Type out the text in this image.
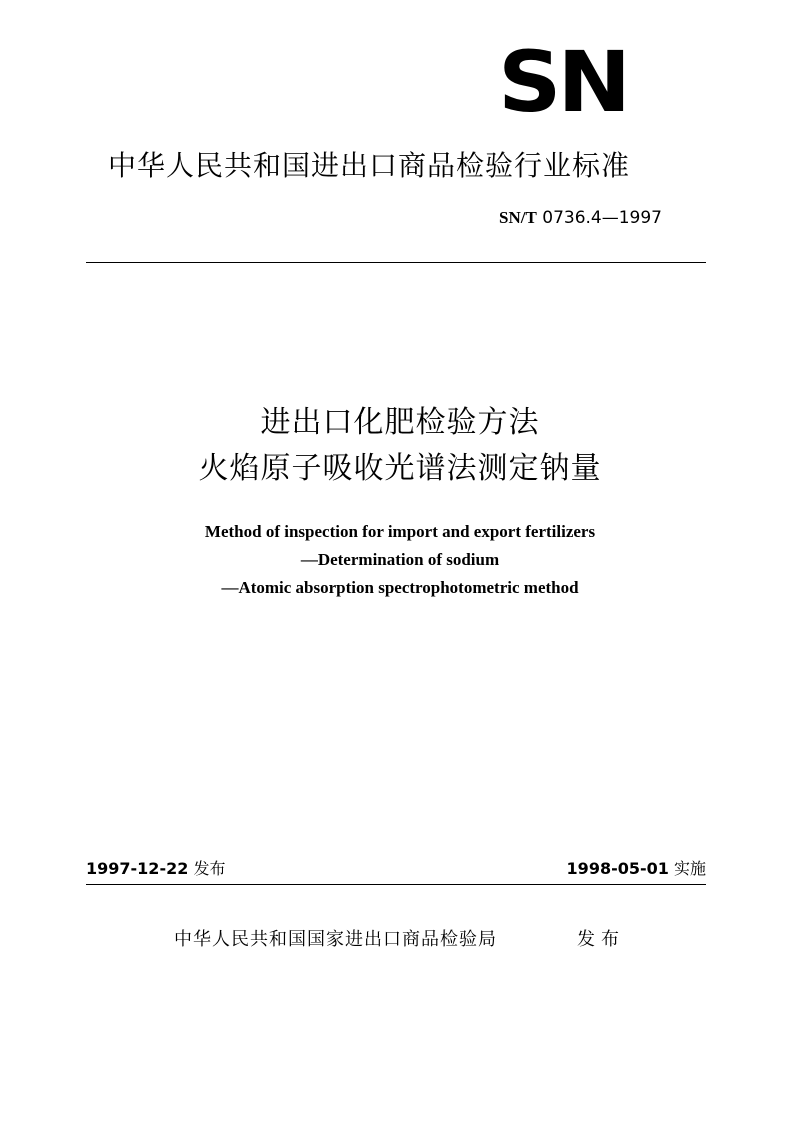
SN
中华人民共和国进出口商品检验行业标准
SN/T 0736.4—1997
进出口化肥检验方法
火焰原子吸收光谱法测定钠量
Method of inspection for import and export fertilizers
—Determination of sodium
—Atomic absorption spectrophotometric method
1997-12-22 发布	1998-05-01 实施
中华人民共和国国家进出口商品检验局	发布
